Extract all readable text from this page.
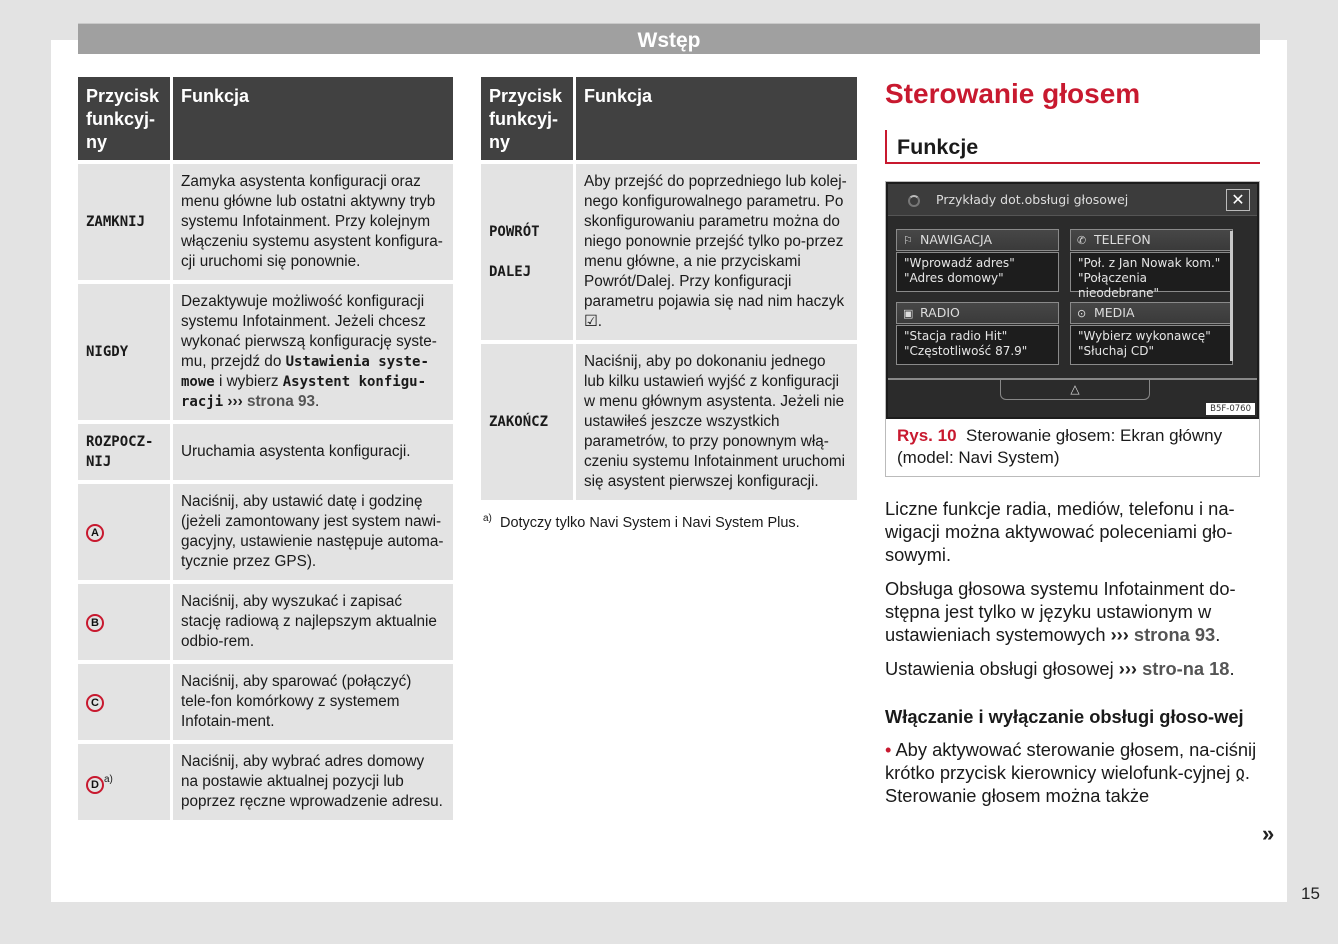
Wstęp
Przycisk
funkcyj-
ny	Funkcja
ZAMKNIJ	Zamyka asystenta konfiguracji oraz menu główne lub ostatni aktywny tryb systemu Infotainment. Przy kolejnym włączeniu systemu asystent konfigura-cji uruchomi się ponownie.
NIGDY	Dezaktywuje możliwość konfiguracji systemu Infotainment. Jeżeli chcesz wykonać pierwszą konfigurację syste-mu, przejdź do Ustawienia syste-mowe i wybierz Asystent konfigu-racji ››› strona 93.
ROZPOCZ-NIJ	Uruchamia asystenta konfiguracji.
A	Naciśnij, aby ustawić datę i godzinę (jeżeli zamontowany jest system nawi-gacyjny, ustawienie następuje automa-tycznie przez GPS).
B	Naciśnij, aby wyszukać i zapisać stację radiową z najlepszym aktualnie odbio-rem.
C	Naciśnij, aby sparować (połączyć) tele-fon komórkowy z systemem Infotain-ment.
D $^{a)}$	Naciśnij, aby wybrać adres domowy na postawie aktualnej pozycji lub poprzez ręczne wprowadzenie adresu.
Przycisk
funkcyj-
ny	Funkcja
POWRÓT
DALEJ	Aby przejść do poprzedniego lub kolej-nego konfigurowalnego parametru. Po skonfigurowaniu parametru można do niego ponownie przejść tylko po-przez menu główne, a nie przyciskami Powrót/Dalej. Przy konfiguracji parametru pojawia się nad nim haczyk ☑.
ZAKOŃCZ	Naciśnij, aby po dokonaniu jednego lub kilku ustawień wyjść z konfiguracji w menu głównym asystenta. Jeżeli nie ustawiłeś jeszcze wszystkich parametrów, to przy ponownym włą-czeniu systemu Infotainment uruchomi się asystent pierwszej konfiguracji.
$^{a)}$ Dotyczy tylko Navi System i Navi System Plus.
Sterowanie głosem
Funkcje
Przykłady dot.obsługi głosowej	✕
⚐ NAWIGACJA
"Wprowadź adres"
"Adres domowy"
✆ TELEFON
"Poł. z Jan Nowak kom."
"Połączenia nieodebrane"
▣ RADIO
"Stacja radio Hit"
"Częstotliwość 87.9"
⊙ MEDIA
"Wybierz wykonawcę"
"Słuchaj CD"
△
B5F-0760
Rys. 10 Sterowanie głosem: Ekran główny (model: Navi System)

Liczne funkcje radia, mediów, telefonu i na-wigacji można aktywować poleceniami gło-sowymi.

Obsługa głosowa systemu Infotainment do-stępna jest tylko w języku ustawionym w ustawieniach systemowych ››› strona 93.

Ustawienia obsługi głosowej ››› stro-na 18.

Włączanie i wyłączanie obsługi głoso-wej

• Aby aktywować sterowanie głosem, na-ciśnij krótko przycisk kierownicy wielofunk-cyjnej ჲ. Sterowanie głosem można także

»
15
